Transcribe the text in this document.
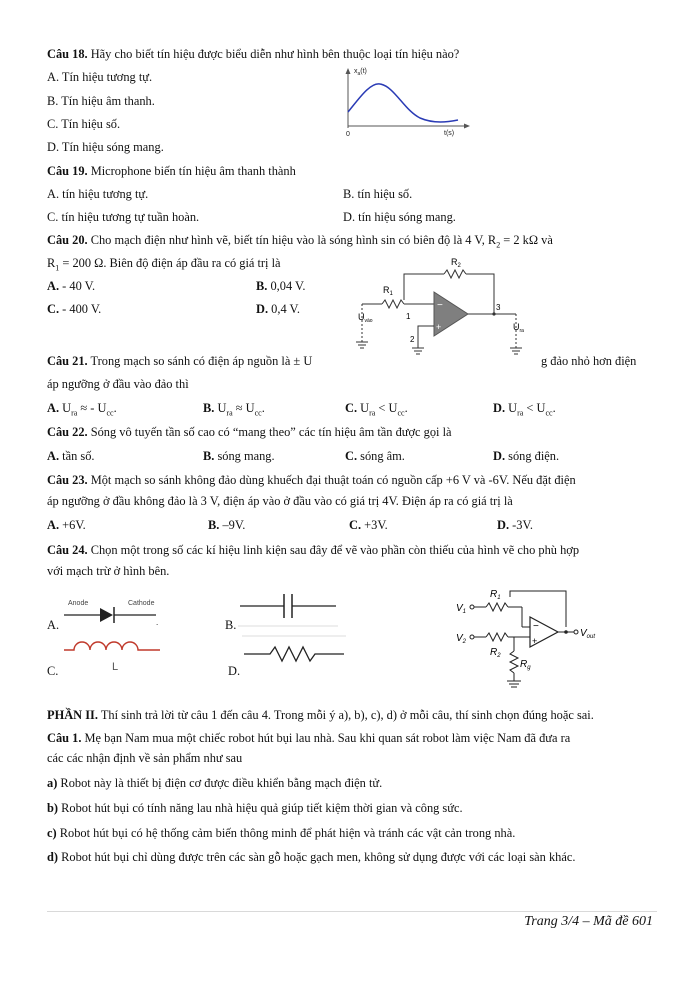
Câu 18. Hãy cho biết tín hiệu được biểu diễn như hình bên thuộc loại tín hiệu nào?
A. Tín hiệu tương tự.
B. Tín hiệu âm thanh.
C. Tín hiệu số.
D. Tín hiệu sóng mang.
$x_a(t)$
0	t(s)
Câu 19. Microphone biến tín hiệu âm thanh thành
A. tín hiệu tương tự.	B. tín hiệu số.
C. tín hiệu tương tự tuần hoàn.	D. tín hiệu sóng mang.
Câu 20. Cho mạch điện như hình vẽ, biết tín hiệu vào là sóng hình sin có biên độ là 4 V, $R_2 = 2$ kΩ và
$R_1 = 200$ Ω. Biên độ điện áp đầu ra có giá trị là
A. - 40 V.	B. 0,04 V.
C. - 400 V.	D. 0,4 V.
$R_2$
$R_1$
−
+
1
2
$U_{vào}$
3
$U_{ra}$
Câu 21. Trong mạch so sánh có điện áp nguồn là ± U	g đảo nhỏ hơn điện
áp ngưỡng ở đầu vào đảo thì
A. $U_{ra}$ ≈ - $U_{cc}$.	B. $U_{ra} \approx U_{cc}$.	C. $U_{ra} < U_{cc}$.	D. $U_{ra} < U_{cc}$.
Câu 22. Sóng vô tuyến tần số cao có “mang theo” các tín hiệu âm tần được gọi là
A. tần số.	B. sóng mang.	C. sóng âm.	D. sóng điện.
Câu 23. Một mạch so sánh không đảo dùng khuếch đại thuật toán có nguồn cấp +6 V và -6V. Nếu đặt điện
áp ngưỡng ở đầu không đảo là 3 V, điện áp vào ở đầu vào có giá trị 4V. Điện áp ra có giá trị là
A. +6V.	B. –9V.	C. +3V.	D. -3V.
Câu 24. Chọn một trong số các kí hiệu linh kiện sau đây để vẽ vào phần còn thiếu của hình vẽ cho phù hợp
với mạch trừ ở hình bên.
A.
Anode	Cathode
.	B.
C.	L	D.
$V_1$
$R_1$
$V_2$
$R_2$
−
+
$V_{out}$
$R_g$
PHẦN II. Thí sinh trả lời từ câu 1 đến câu 4. Trong mỗi ý a), b), c), d) ở mỗi câu, thí sinh chọn đúng hoặc sai.
Câu 1. Mẹ bạn Nam mua một chiếc robot hút bụi lau nhà. Sau khi quan sát robot làm việc Nam đã đưa ra
các các nhận định về sản phẩm như sau
a) Robot này là thiết bị điện cơ được điều khiển bằng mạch điện tử.
b) Robot hút bụi có tính năng lau nhà hiệu quả giúp tiết kiệm thời gian và công sức.
c) Robot hút bụi có hệ thống cảm biến thông minh để phát hiện và tránh các vật cản trong nhà.
d) Robot hút bụi chỉ dùng được trên các sàn gỗ hoặc gạch men, không sử dụng được với các loại sàn khác.
Trang 3/4 – Mã đề 601
